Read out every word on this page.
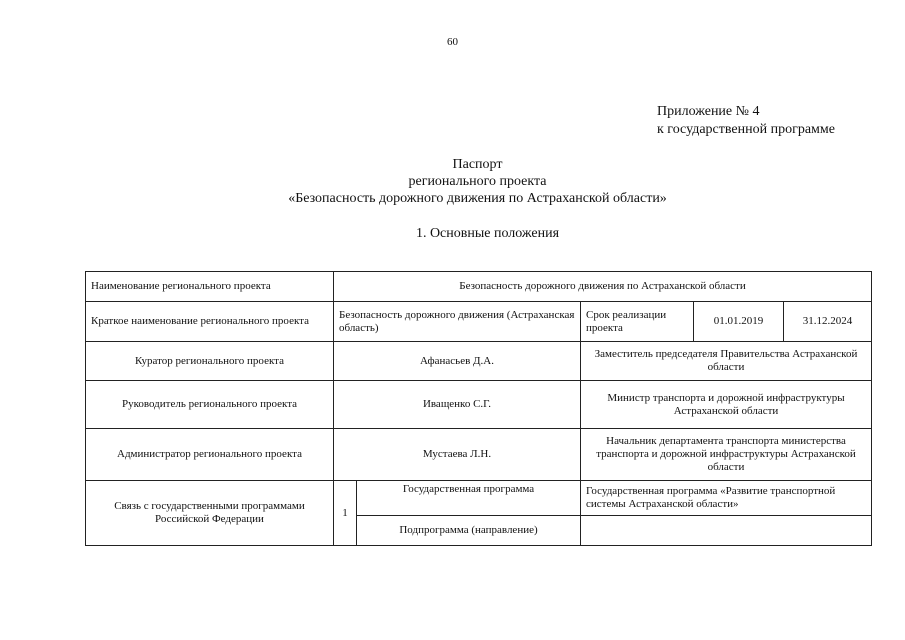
60
Приложение № 4
к государственной программе
Паспорт
регионального проекта
«Безопасность дорожного движения по Астраханской области»
1. Основные положения
Наименование регионального проекта	Безопасность дорожного движения по Астраханской области				
Краткое наименование регионального проекта	Безопасность дорожного движения (Астраханская область)		Срок реализации проекта	01.01.2019	31.12.2024
Куратор регионального проекта	Афанасьев Д.А.		Заместитель председателя Правительства Астраханской области		
Руководитель регионального проекта	Иващенко С.Г.		Министр транспорта и дорожной инфраструктуры Астраханской области		
Администратор регионального проекта	Мустаева Л.Н.		Начальник департамента транспорта министерства транспорта и дорожной инфраструктуры Астраханской области		
Связь с государственными программами Российской Федерации	1	Государственная программа	Государственная программа «Развитие транспортной системы Астраханской области»		
		Подпрограмма (направление)			
